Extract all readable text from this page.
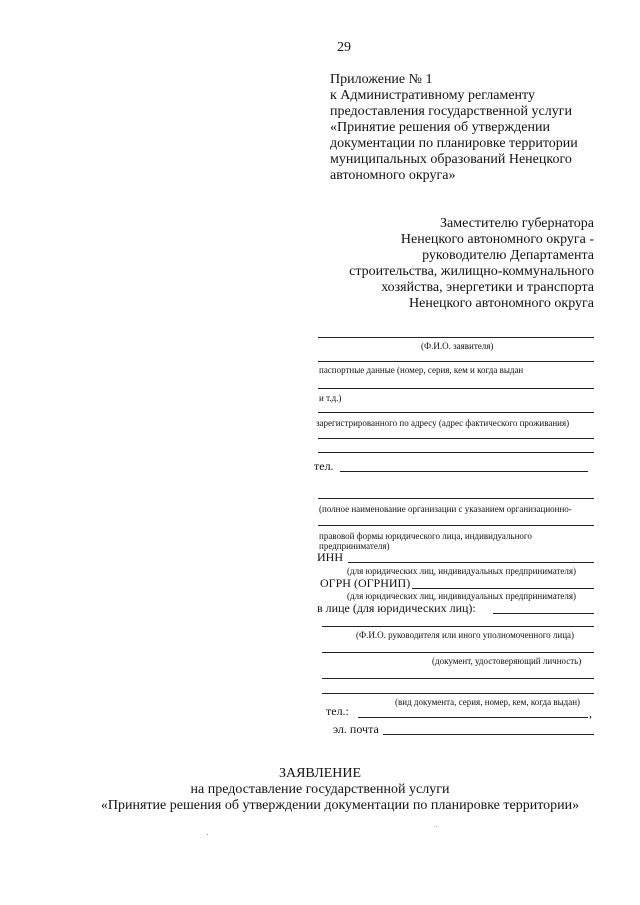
29
Приложение № 1
к Административному регламенту
предоставления государственной услуги
«Принятие решения об утверждении
документации по планировке территории
муниципальных образований Ненецкого
автономного округа»
Заместителю губернатора
Ненецкого автономного округа -
руководителю Департамента
строительства, жилищно-коммунального
хозяйства, энергетики и транспорта
Ненецкого автономного округа
(Ф.И.О. заявителя)
паспортные данные (номер, серия, кем и когда выдан
и т.д.)
зарегистрированного по адресу (адрес фактического проживания)
тел.
(полное наименование организации с указанием организационно-
правовой формы юридического лица, индивидуального
предпринимателя)
ИНН
(для юридических лиц, индивидуальных предпринимателя)
ОГРН (ОГРНИП)
(для юридических лиц, индивидуальных предпринимателя)
в лице (для юридических лиц):
(Ф.И.О. руководителя или иного уполномоченного лица)
(документ, удостоверяющий личность)
(вид документа, серия, номер, кем, когда выдан)
тел.:	,
эл. почта
ЗАЯВЛЕНИЕ
на предоставление государственной услуги
«Принятие решения об утверждении документации по планировке территории»
